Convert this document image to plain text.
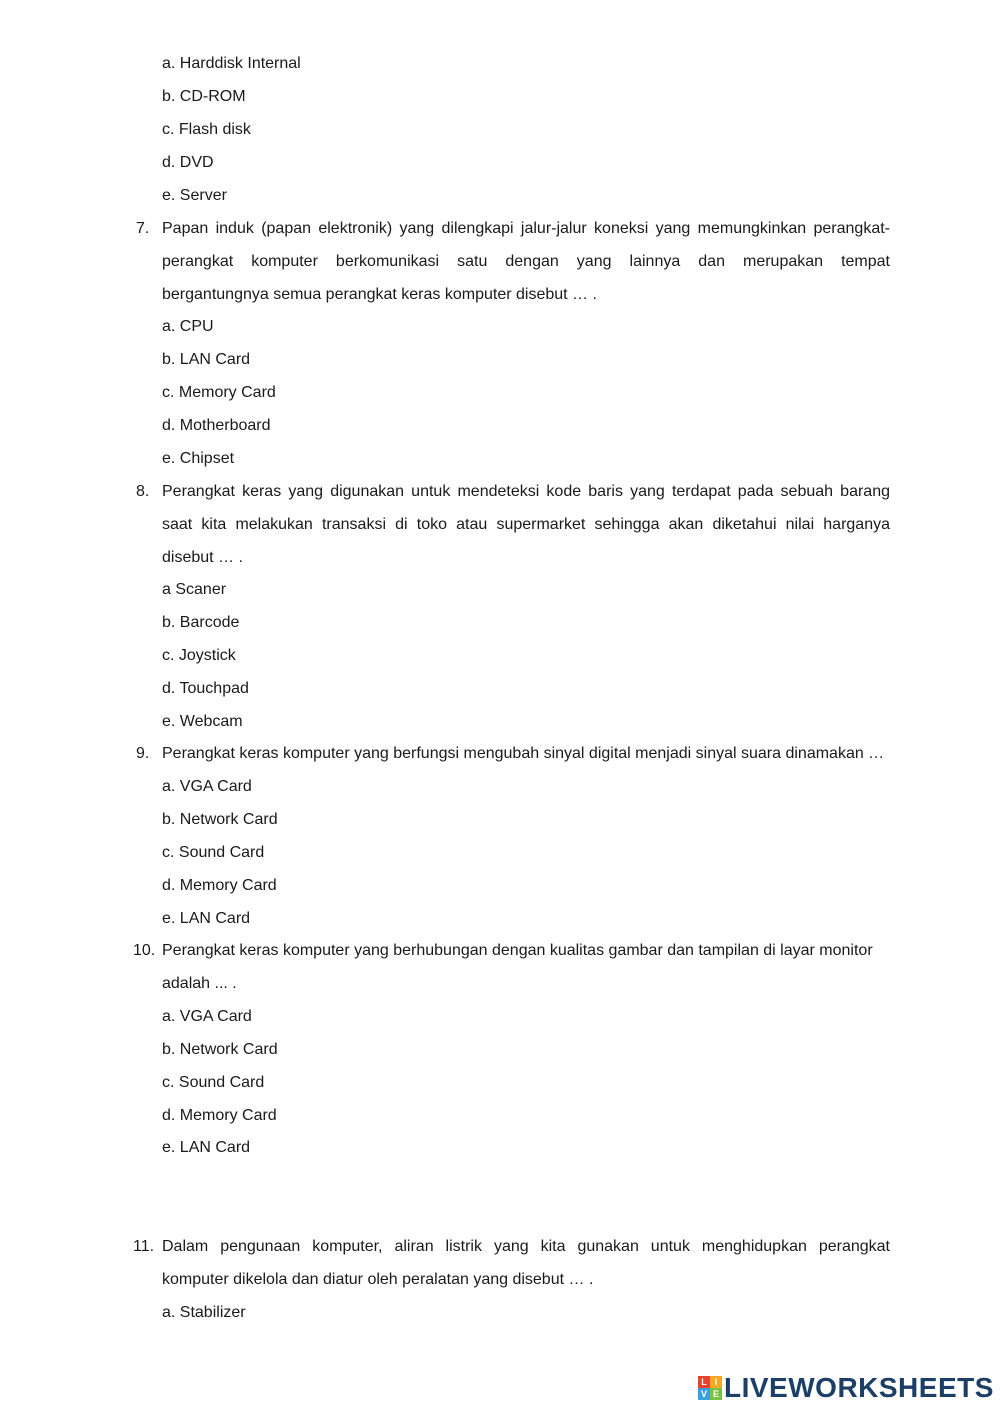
a. Harddisk Internal
b. CD-ROM
c. Flash disk
d. DVD
e. Server
7. Papan induk (papan elektronik) yang dilengkapi jalur-jalur koneksi yang memungkinkan perangkat-
perangkat komputer berkomunikasi satu dengan yang lainnya dan merupakan tempat
bergantungnya semua perangkat keras komputer disebut … .
a. CPU
b. LAN Card
c. Memory Card
d. Motherboard
e. Chipset
8. Perangkat keras yang digunakan untuk mendeteksi kode baris yang terdapat pada sebuah barang
saat kita melakukan transaksi di toko atau supermarket sehingga akan diketahui nilai harganya
disebut … .
a Scaner
b. Barcode
c. Joystick
d. Touchpad
e. Webcam
9. Perangkat keras komputer yang berfungsi mengubah sinyal digital menjadi sinyal suara dinamakan …
a. VGA Card
b. Network Card
c. Sound Card
d. Memory Card
e. LAN Card
10. Perangkat keras komputer yang berhubungan dengan kualitas gambar dan tampilan di layar monitor
adalah ... .
a. VGA Card
b. Network Card
c. Sound Card
d. Memory Card
e. LAN Card
11. Dalam pengunaan komputer, aliran listrik yang kita gunakan untuk menghidupkan perangkat
komputer dikelola dan diatur oleh peralatan yang disebut … .
a. Stabilizer
L I
V E LIVEWORKSHEETS
